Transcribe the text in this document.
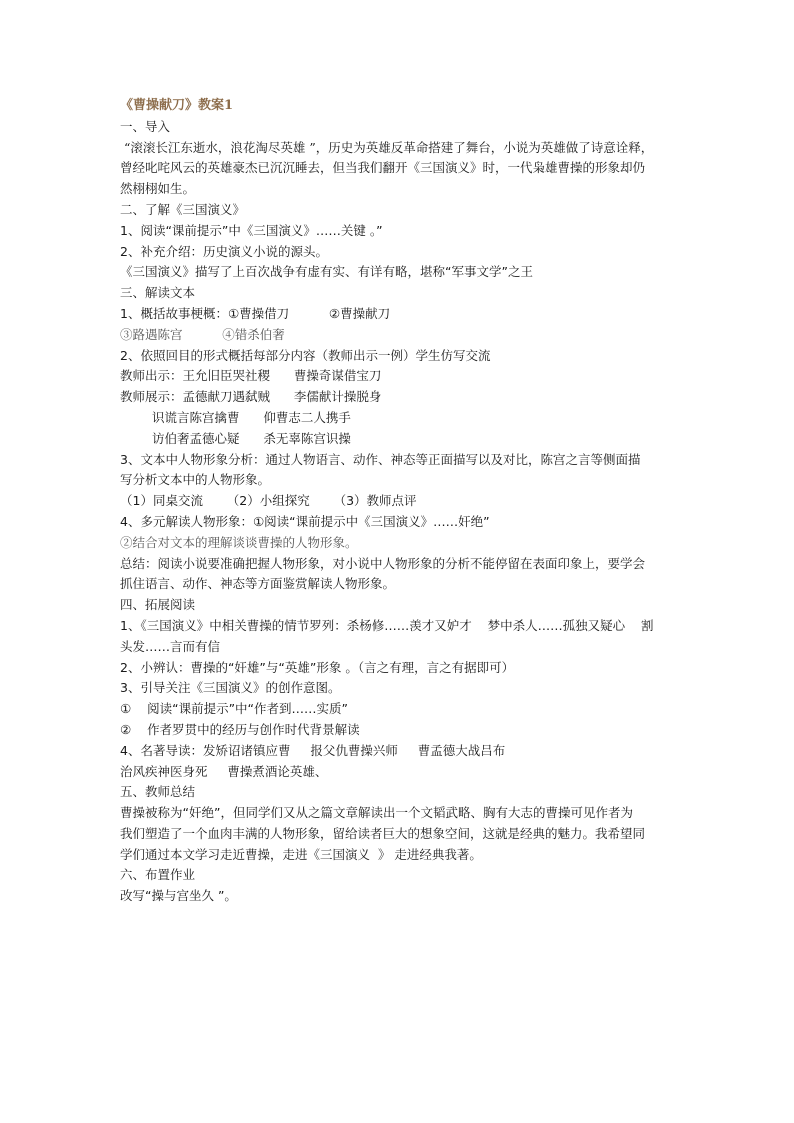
《曹操献刀》教案1

一、导入

“滚滚长江东逝水，浪花淘尽英雄 ”，历史为英雄反革命搭建了舞台，小说为英雄做了诗意诠释，

曾经叱咤风云的英雄豪杰已沉沉睡去，但当我们翻开《三国演义》时，一代枭雄曹操的形象却仍

然栩栩如生。

二、了解《三国演义》

1、阅读“课前提示”中《三国演义》……关键 。”

2、补充介绍：历史演义小说的源头。

《三国演义》描写了上百次战争有虚有实、有详有略，堪称“军事文学”之王

三、解读文本

1、概括故事梗概：①曹操借刀          ②曹操献刀

③路遇陈宫          ④错杀伯奢

2、依照回目的形式概括每部分内容（教师出示一例）学生仿写交流

教师出示：王允旧臣哭社稷      曹操奇谋借宝刀

教师展示：孟德献刀遇弑贼      李儒献计操脱身

识谎言陈宫擒曹      仰曹志二人携手

访伯奢孟德心疑      杀无辜陈宫识操

3、文本中人物形象分析：通过人物语言、动作、神态等正面描写以及对比，陈宫之言等侧面描

写分析文本中的人物形象。

（1）同桌交流      （2）小组探究      （3）教师点评

4、多元解读人物形象：①阅读“课前提示中《三国演义》……奸绝”

②结合对文本的理解谈谈曹操的人物形象。

总结：阅读小说要准确把握人物形象，对小说中人物形象的分析不能停留在表面印象上，要学会

抓住语言、动作、神态等方面鉴赏解读人物形象。

四、拓展阅读

1、《三国演义》中相关曹操的情节罗列：杀杨修……羡才又妒才    梦中杀人……孤独又疑心    割

头发……言而有信

2、小辨认：曹操的“奸雄”与“英雄”形象 。（言之有理，言之有据即可）

3、引导关注《三国演义》的创作意图。

①    阅读“课前提示”中“作者到……实质”

②    作者罗贯中的经历与创作时代背景解读

4、名著导读：发矫诏诸镇应曹     报父仇曹操兴师     曹孟德大战吕布

治风疾神医身死     曹操煮酒论英雄、

五、教师总结

曹操被称为“奸绝”，但同学们又从之篇文章解读出一个文韬武略、胸有大志的曹操可见作者为

我们塑造了一个血肉丰满的人物形象，留给读者巨大的想象空间，这就是经典的魅力。我希望同

学们通过本文学习走近曹操，走进《三国演义  》 走进经典我著。

六、布置作业

改写“操与宫坐久 ”。
